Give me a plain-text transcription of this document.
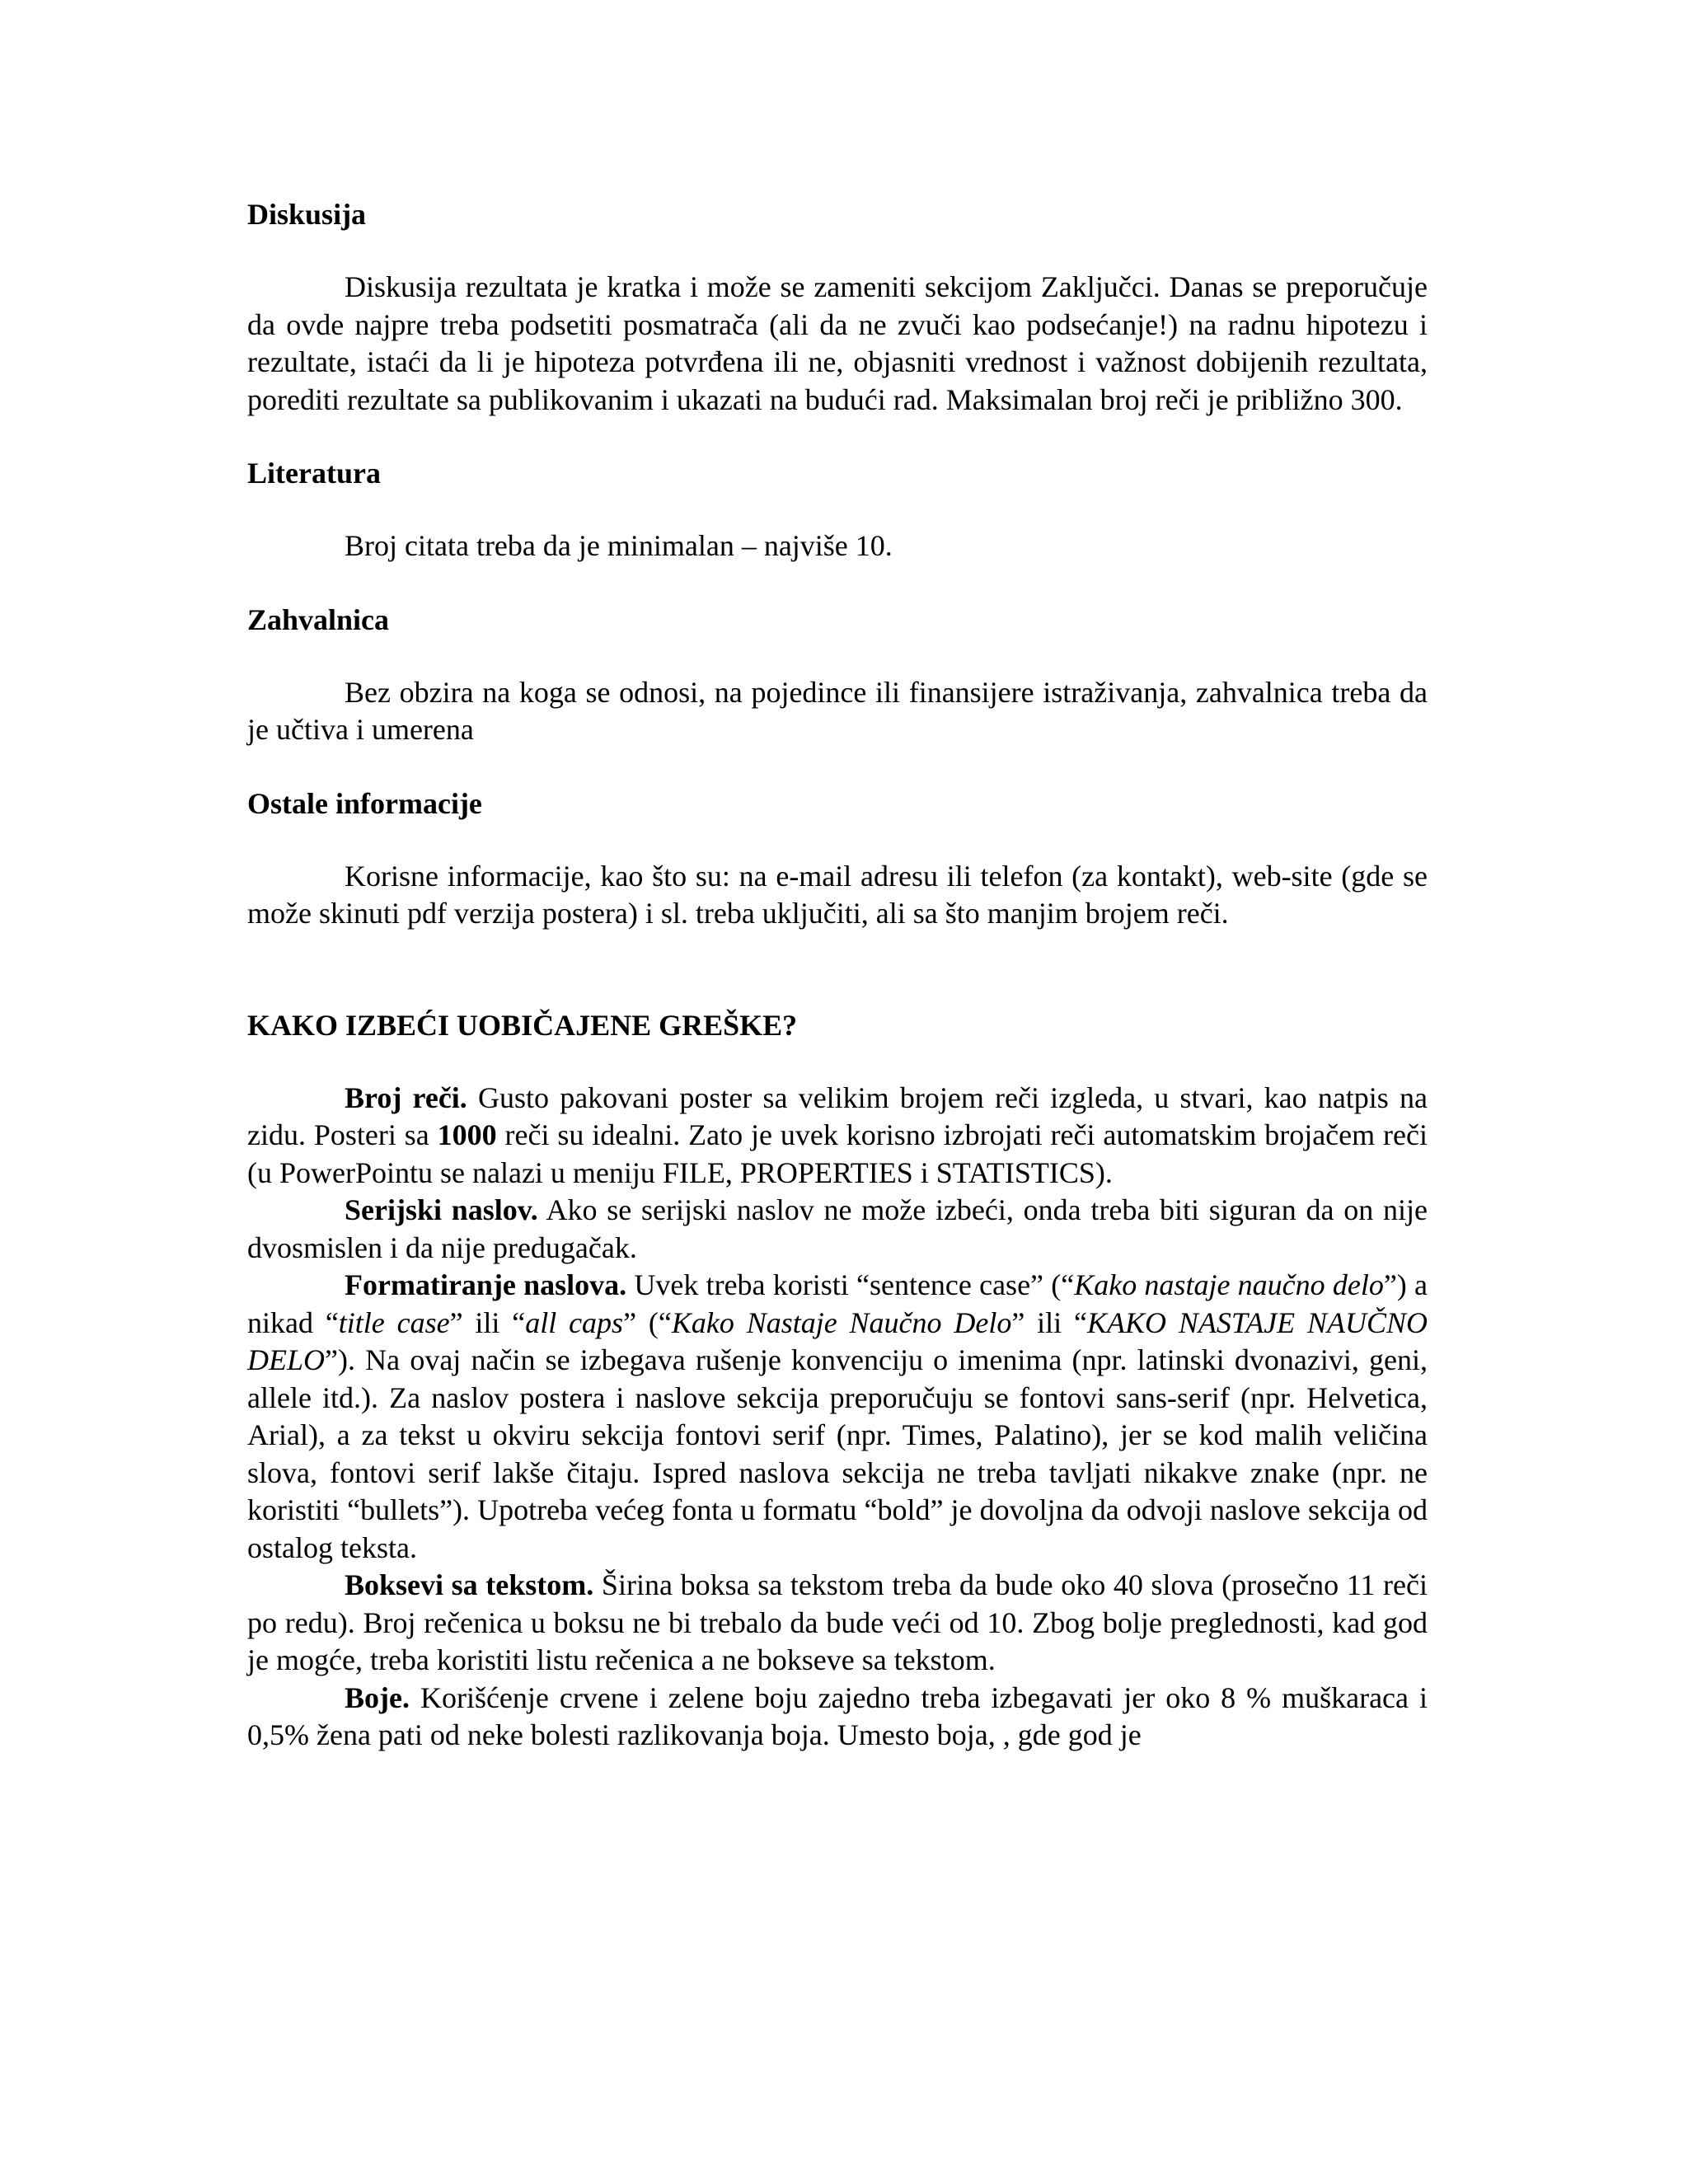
Diskusija

Diskusija rezultata je kratka i može se zameniti sekcijom Zaključci. Danas se preporučuje da ovde najpre treba podsetiti posmatrača (ali da ne zvuči kao podsećanje!) na radnu hipotezu i rezultate, istaći da li je hipoteza potvrđena ili ne, objasniti vrednost i važnost dobijenih rezultata, porediti rezultate sa publikovanim i ukazati na budući rad. Maksimalan broj reči je približno 300.

Literatura

Broj citata treba da je minimalan – najviše 10.

Zahvalnica

Bez obzira na koga se odnosi, na pojedince ili finansijere istraživanja, zahvalnica treba da je učtiva i umerena

Ostale informacije

Korisne informacije, kao što su: na e-mail adresu ili telefon (za kontakt), web-site (gde se može skinuti pdf verzija postera) i sl. treba uključiti, ali sa što manjim brojem reči.

KAKO IZBEĆI UOBIČAJENE GREŠKE?

Broj reči. Gusto pakovani poster sa velikim brojem reči izgleda, u stvari, kao natpis na zidu. Posteri sa 1000 reči su idealni. Zato je uvek korisno izbrojati reči automatskim brojačem reči (u PowerPointu se nalazi u meniju FILE, PROPERTIES i STATISTICS).

Serijski naslov. Ako se serijski naslov ne može izbeći, onda treba biti siguran da on nije dvosmislen i da nije predugačak.

Formatiranje naslova. Uvek treba koristi “sentence case” (“Kako nastaje naučno delo”) a nikad “title case” ili “all caps” (“Kako Nastaje Naučno Delo” ili “KAKO NASTAJE NAUČNO DELO”). Na ovaj način se izbegava rušenje konvenciju o imenima (npr. latinski dvonazivi, geni, allele itd.). Za naslov postera i naslove sekcija preporučuju se fontovi sans-serif (npr. Helvetica, Arial), a za tekst u okviru sekcija fontovi serif (npr. Times, Palatino), jer se kod malih veličina slova, fontovi serif lakše čitaju. Ispred naslova sekcija ne treba tavljati nikakve znake (npr. ne koristiti “bullets”). Upotreba većeg fonta u formatu “bold” je dovoljna da odvoji naslove sekcija od ostalog teksta.

Boksevi sa tekstom. Širina boksa sa tekstom treba da bude oko 40 slova (prosečno 11 reči po redu). Broj rečenica u boksu ne bi trebalo da bude veći od 10. Zbog bolje preglednosti, kad god je mogće, treba koristiti listu rečenica a ne bokseve sa tekstom.

Boje. Korišćenje crvene i zelene boju zajedno treba izbegavati jer oko 8 % muškaraca i 0,5% žena pati od neke bolesti razlikovanja boja. Umesto boja, , gde god je
